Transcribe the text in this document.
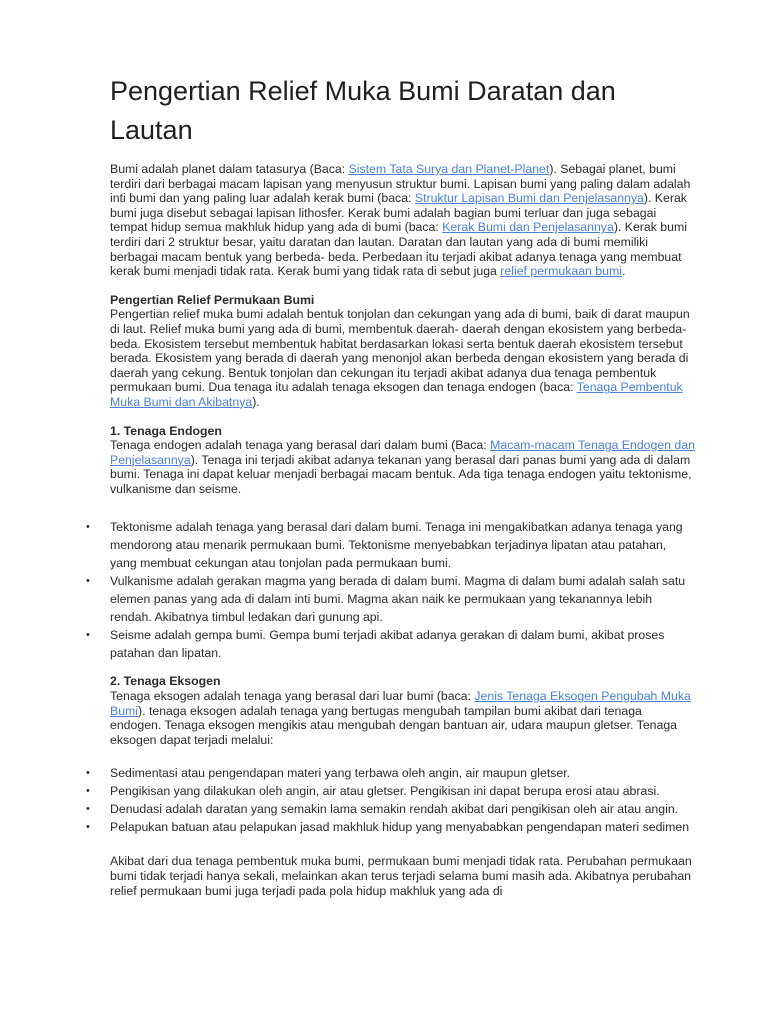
Pengertian Relief Muka Bumi Daratan dan Lautan

Bumi adalah planet dalam tatasurya (Baca: Sistem Tata Surya dan Planet-Planet). Sebagai planet, bumi terdiri dari berbagai macam lapisan yang menyusun struktur bumi. Lapisan bumi yang paling dalam adalah inti bumi dan yang paling luar adalah kerak bumi (baca: Struktur Lapisan Bumi dan Penjelasannya). Kerak bumi juga disebut sebagai lapisan lithosfer. Kerak bumi adalah bagian bumi terluar dan juga sebagai tempat hidup semua makhluk hidup yang ada di bumi (baca: Kerak Bumi dan Penjelasannya). Kerak bumi terdiri dari 2 struktur besar, yaitu daratan dan lautan. Daratan dan lautan yang ada di bumi memiliki berbagai macam bentuk yang berbeda- beda. Perbedaan itu terjadi akibat adanya tenaga yang membuat kerak bumi menjadi tidak rata. Kerak bumi yang tidak rata di sebut juga relief permukaan bumi.

Pengertian Relief Permukaan Bumi

Pengertian relief muka bumi adalah bentuk tonjolan dan cekungan yang ada di bumi, baik di darat maupun di laut. Relief muka bumi yang ada di bumi, membentuk daerah- daerah dengan ekosistem yang berbeda- beda. Ekosistem tersebut membentuk habitat berdasarkan lokasi serta bentuk daerah ekosistem tersebut berada. Ekosistem yang berada di daerah yang menonjol akan berbeda dengan ekosistem yang berada di daerah yang cekung. Bentuk tonjolan dan cekungan itu terjadi akibat adanya dua tenaga pembentuk permukaan bumi. Dua tenaga itu adalah tenaga eksogen dan tenaga endogen (baca: Tenaga Pembentuk Muka Bumi dan Akibatnya).

1. Tenaga Endogen

Tenaga endogen adalah tenaga yang berasal dari dalam bumi (Baca: Macam-macam Tenaga Endogen dan Penjelasannya). Tenaga ini terjadi akibat adanya tekanan yang berasal dari panas bumi yang ada di dalam bumi. Tenaga ini dapat keluar menjadi berbagai macam bentuk. Ada tiga tenaga endogen yaitu tektonisme, vulkanisme dan seisme.

• Tektonisme adalah tenaga yang berasal dari dalam bumi. Tenaga ini mengakibatkan adanya tenaga yang mendorong atau menarik permukaan bumi. Tektonisme menyebabkan terjadinya lipatan atau patahan, yang membuat cekungan atau tonjolan pada permukaan bumi.
• Vulkanisme adalah gerakan magma yang berada di dalam bumi. Magma di dalam bumi adalah salah satu elemen panas yang ada di dalam inti bumi. Magma akan naik ke permukaan yang tekanannya lebih rendah. Akibatnya timbul ledakan dari gunung api.
• Seisme adalah gempa bumi. Gempa bumi terjadi akibat adanya gerakan di dalam bumi, akibat proses patahan dan lipatan.

2. Tenaga Eksogen

Tenaga eksogen adalah tenaga yang berasal dari luar bumi (baca: Jenis Tenaga Eksogen Pengubah Muka Bumi). tenaga eksogen adalah tenaga yang bertugas mengubah tampilan bumi akibat dari tenaga endogen. Tenaga eksogen mengikis atau mengubah dengan bantuan air, udara maupun gletser. Tenaga eksogen dapat terjadi melalui:

• Sedimentasi atau pengendapan materi yang terbawa oleh angin, air maupun gletser.
• Pengikisan yang dilakukan oleh angin, air atau gletser. Pengikisan ini dapat berupa erosi atau abrasi.
• Denudasi adalah daratan yang semakin lama semakin rendah akibat dari pengikisan oleh air atau angin.
• Pelapukan batuan atau pelapukan jasad makhluk hidup yang menyababkan pengendapan materi sedimen

Akibat dari dua tenaga pembentuk muka bumi, permukaan bumi menjadi tidak rata. Perubahan permukaan bumi tidak terjadi hanya sekali, melainkan akan terus terjadi selama bumi masih ada. Akibatnya perubahan relief permukaan bumi juga terjadi pada pola hidup makhluk yang ada di
